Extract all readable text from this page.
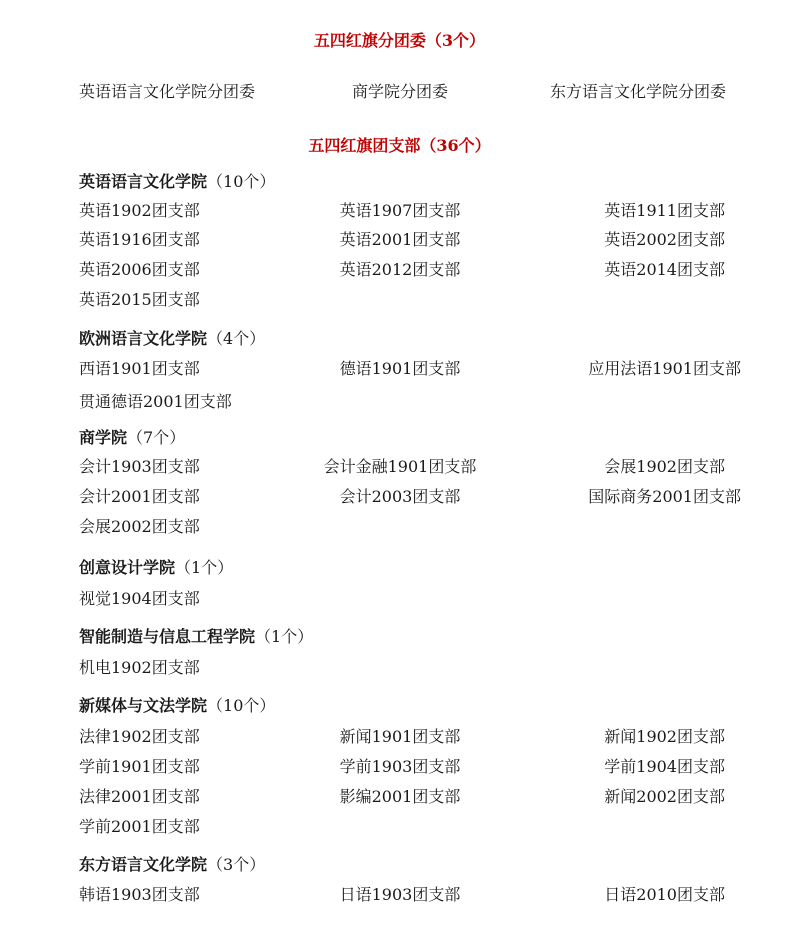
五四红旗分团委（3个）
英语语言文化学院分团委	商学院分团委	东方语言文化学院分团委
五四红旗团支部（36个）
英语语言文化学院（10个）
英语1902团支部	英语1907团支部	英语1911团支部
英语1916团支部	英语2001团支部	英语2002团支部
英语2006团支部	英语2012团支部	英语2014团支部
英语2015团支部
欧洲语言文化学院（4个）
西语1901团支部	德语1901团支部	应用法语1901团支部
贯通德语2001团支部
商学院（7个）
会计1903团支部	会计金融1901团支部	会展1902团支部
会计2001团支部	会计2003团支部	国际商务2001团支部
会展2002团支部
创意设计学院（1个）
视觉1904团支部
智能制造与信息工程学院（1个）
机电1902团支部
新媒体与文法学院（10个）
法律1902团支部	新闻1901团支部	新闻1902团支部
学前1901团支部	学前1903团支部	学前1904团支部
法律2001团支部	影编2001团支部	新闻2002团支部
学前2001团支部
东方语言文化学院（3个）
韩语1903团支部	日语1903团支部	日语2010团支部
